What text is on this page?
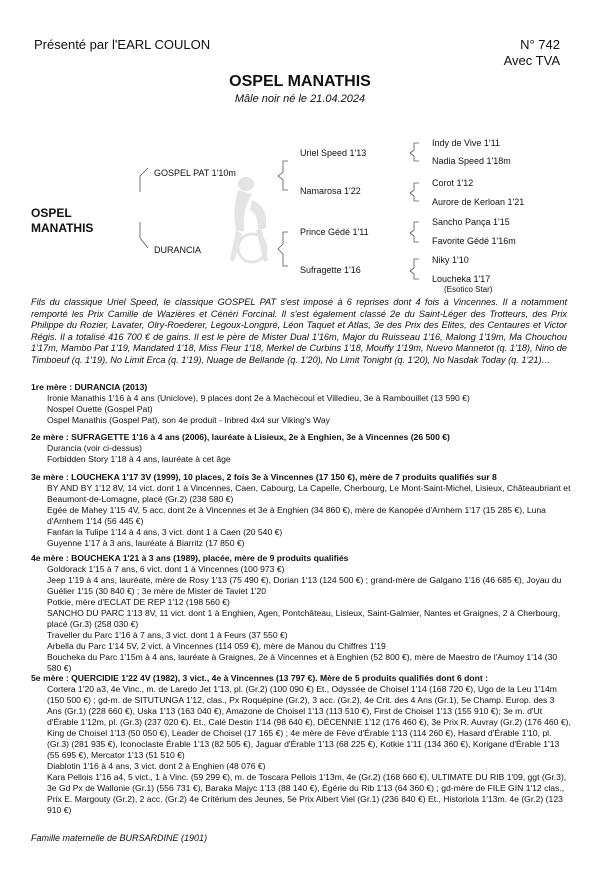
Présenté par l'EARL COULON	N° 742
Avec TVA
OSPEL MANATHIS
Mâle noir né le 21.04.2024
OSPEL
MANATHIS
GOSPEL PAT 1'10m
DURANCIA
Uriel Speed 1'13
Namarosa 1'22
Prince Gédé 1'11
Sufragette 1'16
Indy de Vive 1'11
Nadia Speed 1'18m
Corot 1'12
Aurore de Kerloan 1'21
Sancho Pança 1'15
Favorite Gédé 1'16m
Niky 1'10
Loucheka 1'17
(Esotico Star)
Fils du classique Uriel Speed, le classique GOSPEL PAT s'est imposé à 6 reprises dont 4 fois à Vincennes. Il a notamment remporté les Prix Camille de Wazières et Cénéri Forcinal. Il s'est également classé 2e du Saint-Léger des Trotteurs, des Prix Philippe du Rozier, Lavater, Olry-Roederer, Legoux-Longpré, Léon Taquet et Atlas, 3e des Prix des Elites, des Centaures et Victor Régis. Il a totalisé 416 700 € de gains. Il est le père de Mister Dual 1'16m, Major du Ruisseau 1'16, Malong 1'19m, Ma Chouchou 1'17m, Mambo Pat 1'19, Mandated 1'18, Miss Fleur 1'18, Merkel de Curbins 1'18, Mouffy 1'19m, Nuevo Mannetot (q. 1'18), Nino de Timboeuf (q. 1'19), No Limit Erca (q. 1'19), Nuage de Bellande (q. 1'20), No Limit Tonight (q. 1'20), No Nasdak Today (q. 1'21)…

1re mère : DURANCIA (2013)

Ironie Manathis 1'16 à 4 ans (Uniclove), 9 places dont 2e à Machecoul et Villedieu, 3e à Rambouillet (13 590 €)

Nospel Ouette (Gospel Pat)

Ospel Manathis (Gospel Pat), son 4e produit - Inbred 4x4 sur Viking's Way

2e mère : SUFRAGETTE 1'16 à 4 ans (2006), lauréate à Lisieux, 2e à Enghien, 3e à Vincennes (26 500 €)

Durancia (voir ci-dessus)

Forbidden Story 1'18 à 4 ans, lauréate à cet âge

3e mère : LOUCHEKA 1'17 3V (1999), 10 places, 2 fois 3e à Vincennes (17 150 €), mère de 7 produits qualifiés sur 8

BY AND BY 1'12 8V, 14 vict. dont 1 à Vincennes, Caen, Cabourg, La Capelle, Cherbourg, Le Mont-Saint-Michel, Lisieux, Châteaubriant et Beaumont-de-Lomagne, placé (Gr.2) (238 580 €)

Egée de Mahey 1'15 4V, 5 acc. dont 2e à Vincennes et 3e à Enghien (34 860 €), mère de Kanopée d'Arnhem 1'17 (15 285 €), Luna d'Arnhem 1'14 (56 445 €)

Fanfan la Tulipe 1'14 à 4 ans, 3 vict. dont 1 à Caen (20 540 €)

Guyenne 1'17 à 3 ans, lauréate à Biarritz (17 850 €)

4e mère : BOUCHEKA 1'21 à 3 ans (1989), placée, mère de 9 produits qualifiés

Goldorack 1'15 à 7 ans, 6 vict. dont 1 à Vincennes (100 973 €)

Jeep 1'19 à 4 ans, lauréate, mère de Rosy 1'13 (75 490 €), Dorian 1'13 (124 500 €) ; grand-mère de Galgano 1'16 (46 685 €), Joyau du Guélier 1'15 (30 840 €) ; 3e mère de Mister de Taviet 1'20

Potkie, mère d'ECLAT DE REP 1'12 (198 560 €)

SANCHO DU PARC 1'13 8V, 11 vict. dont 1 à Enghien, Agen, Pontchâteau, Lisieux, Saint-Galmier, Nantes et Graignes, 2 à Cherbourg, placé (Gr.3) (258 030 €)

Traveller du Parc 1'16 à 7 ans, 3 vict. dont 1 à Feurs (37 550 €)

Arbella du Parc 1'14 5V, 2 vict. à Vincennes (114 059 €), mère de Manou du Chiffres 1'19

Boucheka du Parc 1'15m à 4 ans, lauréate à Graignes, 2e à Vincennes et à Enghien (52 800 €), mère de Maestro de l'Aumoy 1'14 (30 580 €)

5e mère : QUERCIDIE 1'22 4V (1982), 3 vict., 4e à Vincennes (13 797 €). Mère de 5 produits qualifiés dont 6 dont :

Cortera 1'20 a3, 4e Vinc., m. de Laredo Jet 1'13, pl. (Gr.2) (100 090 €) Et., Odyssée de Choisel 1'14 (168 720 €), Ugo de la Leu 1'14m (150 500 €) ; gd-m. de SITUTUNGA 1'12, clas., Px Roquépine (Gr.2), 3 acc. (Gr.2), 4e Crit. des 4 Ans (Gr.1), 5e Champ. Europ. des 3 Ans (Gr.1) (228 660 €), Uska 1'13 (163 040 €), Amazone de Choisel 1'13 (113 510 €), First de Choisel 1'13 (155 910 €); 3e m. d'Ut d'Érable 1'12m, pl. (Gr.3) (237 020 €). Et., Calé Destin 1'14 (98 640 €), DÉCENNIE 1'12 (176 460 €), 3e Prix R. Auvray (Gr.2) (176 460 €), King de Choisel 1'13 (50 050 €), Leader de Choisel (17 165 €) ; 4e mère de Fève d'Érable 1'13 (114 260 €), Hasard d'Érable 1'10, pl. (Gr.3) (281 935 €), Iconoclaste Érable 1'13 (82 505 €), Jaguar d'Érable 1'13 (68 225 €), Kotkie 1'11 (134 360 €), Korigane d'Érable 1'13 (55 695 €), Mercator 1'13 (51 510 €)

Diablotin 1'16 à 4 ans, 3 vict. dont 2 à Enghien (48 076 €)

Kara Pellois 1'16 a4, 5 vict., 1 à Vinc. (59 299 €), m. de Toscara Pellois 1'13m, 4e (Gr.2) (168 660 €), ULTIMATE DU RIB 1'09, ggt (Gr.3), 3e Gd Px de Wallonie (Gr.1) (556 731 €), Baraka Majyc 1'13 (88 140 €), Égérie du Rib 1'13 (64 360 €) ; gd-mère de FILE GIN 1'12 clas., Prix E. Margouty (Gr.2), 2 acc. (Gr.2) 4e Critérium des Jeunes, 5e Prix Albert Viel (Gr.1) (236 840 €) Et., Historiola 1'13m. 4e (Gr.2) (123 910 €)

Famille maternelle de BURSARDINE (1901)
